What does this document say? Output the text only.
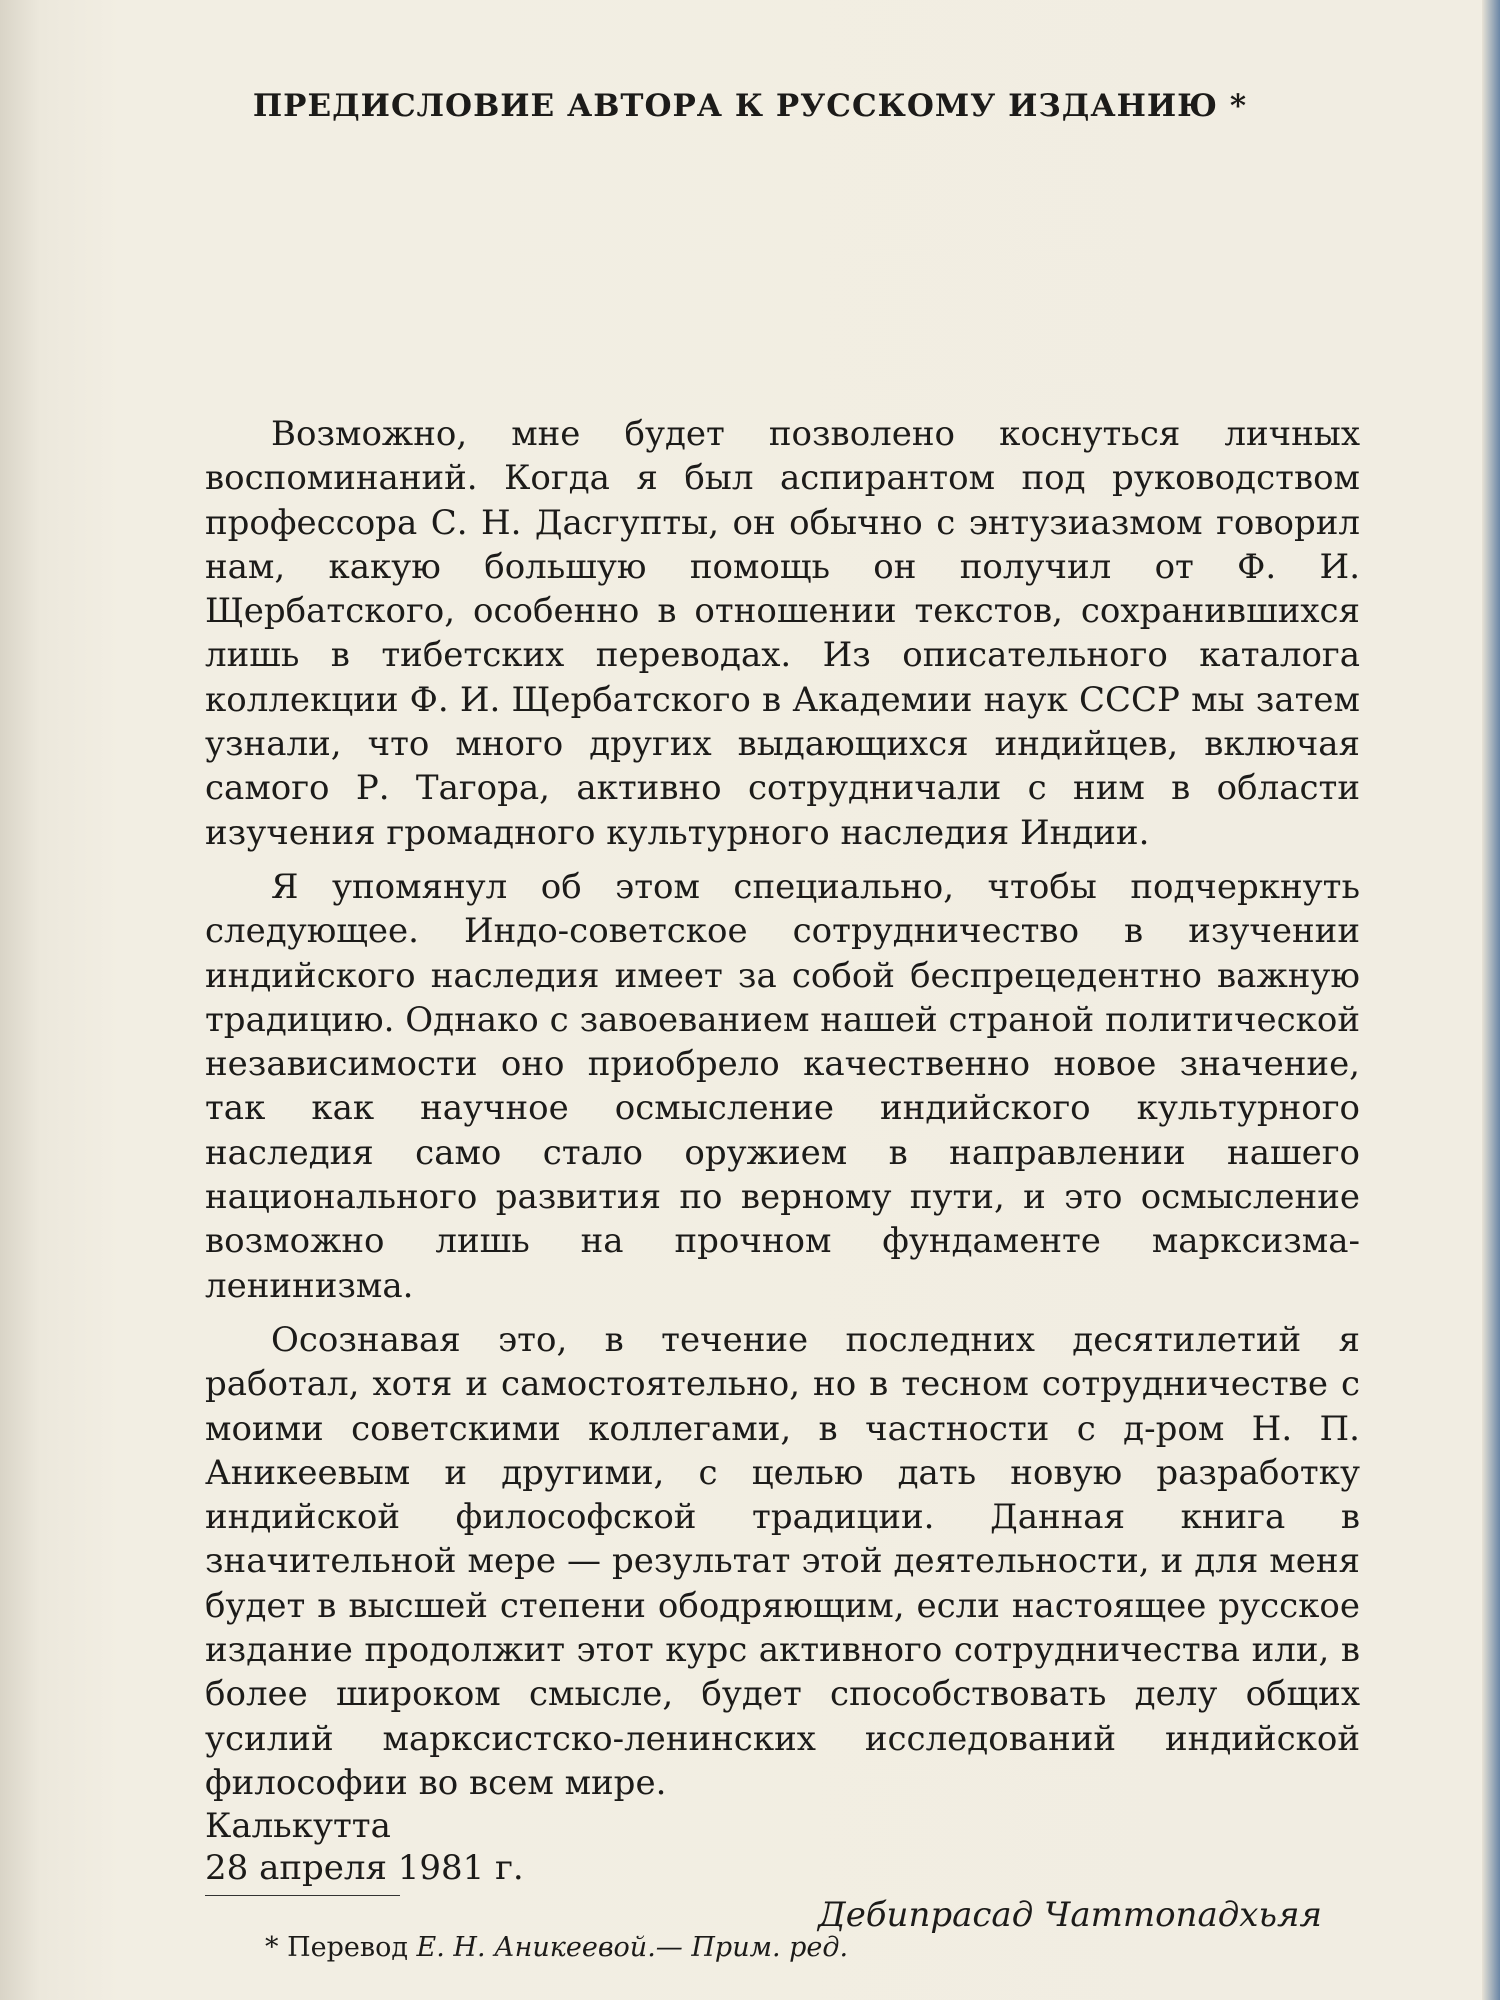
ПРЕДИСЛОВИЕ АВТОРА К РУССКОМУ ИЗДАНИЮ *

Возможно, мне будет позволено коснуться личных воспоминаний. Когда я был аспирантом под руководством профессора С. Н. Дасгупты, он обычно с энтузиазмом говорил нам, какую большую помощь он получил от Ф. И. Щербатского, особенно в отношении текстов, сохранившихся лишь в тибетских переводах. Из описательного каталога коллекции Ф. И. Щербатского в Академии наук СССР мы затем узнали, что много других выдающихся индийцев, включая самого Р. Тагора, активно сотрудничали с ним в области изучения громадного культурного наследия Индии.

Я упомянул об этом специально, чтобы подчеркнуть следующее. Индо-советское сотрудничество в изучении индийского наследия имеет за собой беспрецедентно важную традицию. Однако с завоеванием нашей страной политической независимости оно приобрело качественно новое значение, так как научное осмысление индийского культурного наследия само стало оружием в направлении нашего национального развития по верному пути, и это осмысление возможно лишь на прочном фундаменте марксизма-ленинизма.

Осознавая это, в течение последних десятилетий я работал, хотя и самостоятельно, но в тесном сотрудничестве с моими советскими коллегами, в частности с д-ром Н. П. Аникеевым и другими, с целью дать новую разработку индийской философской традиции. Данная книга в значительной мере — результат этой деятельности, и для меня будет в высшей степени ободряющим, если настоящее русское издание продолжит этот курс активного сотрудничества или, в более широком смысле, будет способствовать делу общих усилий марксистско-ленинских исследований индийской философии во всем мире.

Калькутта
28 апреля 1981 г.
Дебипрасад Чаттопадхьяя
* Перевод Е. Н. Аникеевой.— Прим. ред.
